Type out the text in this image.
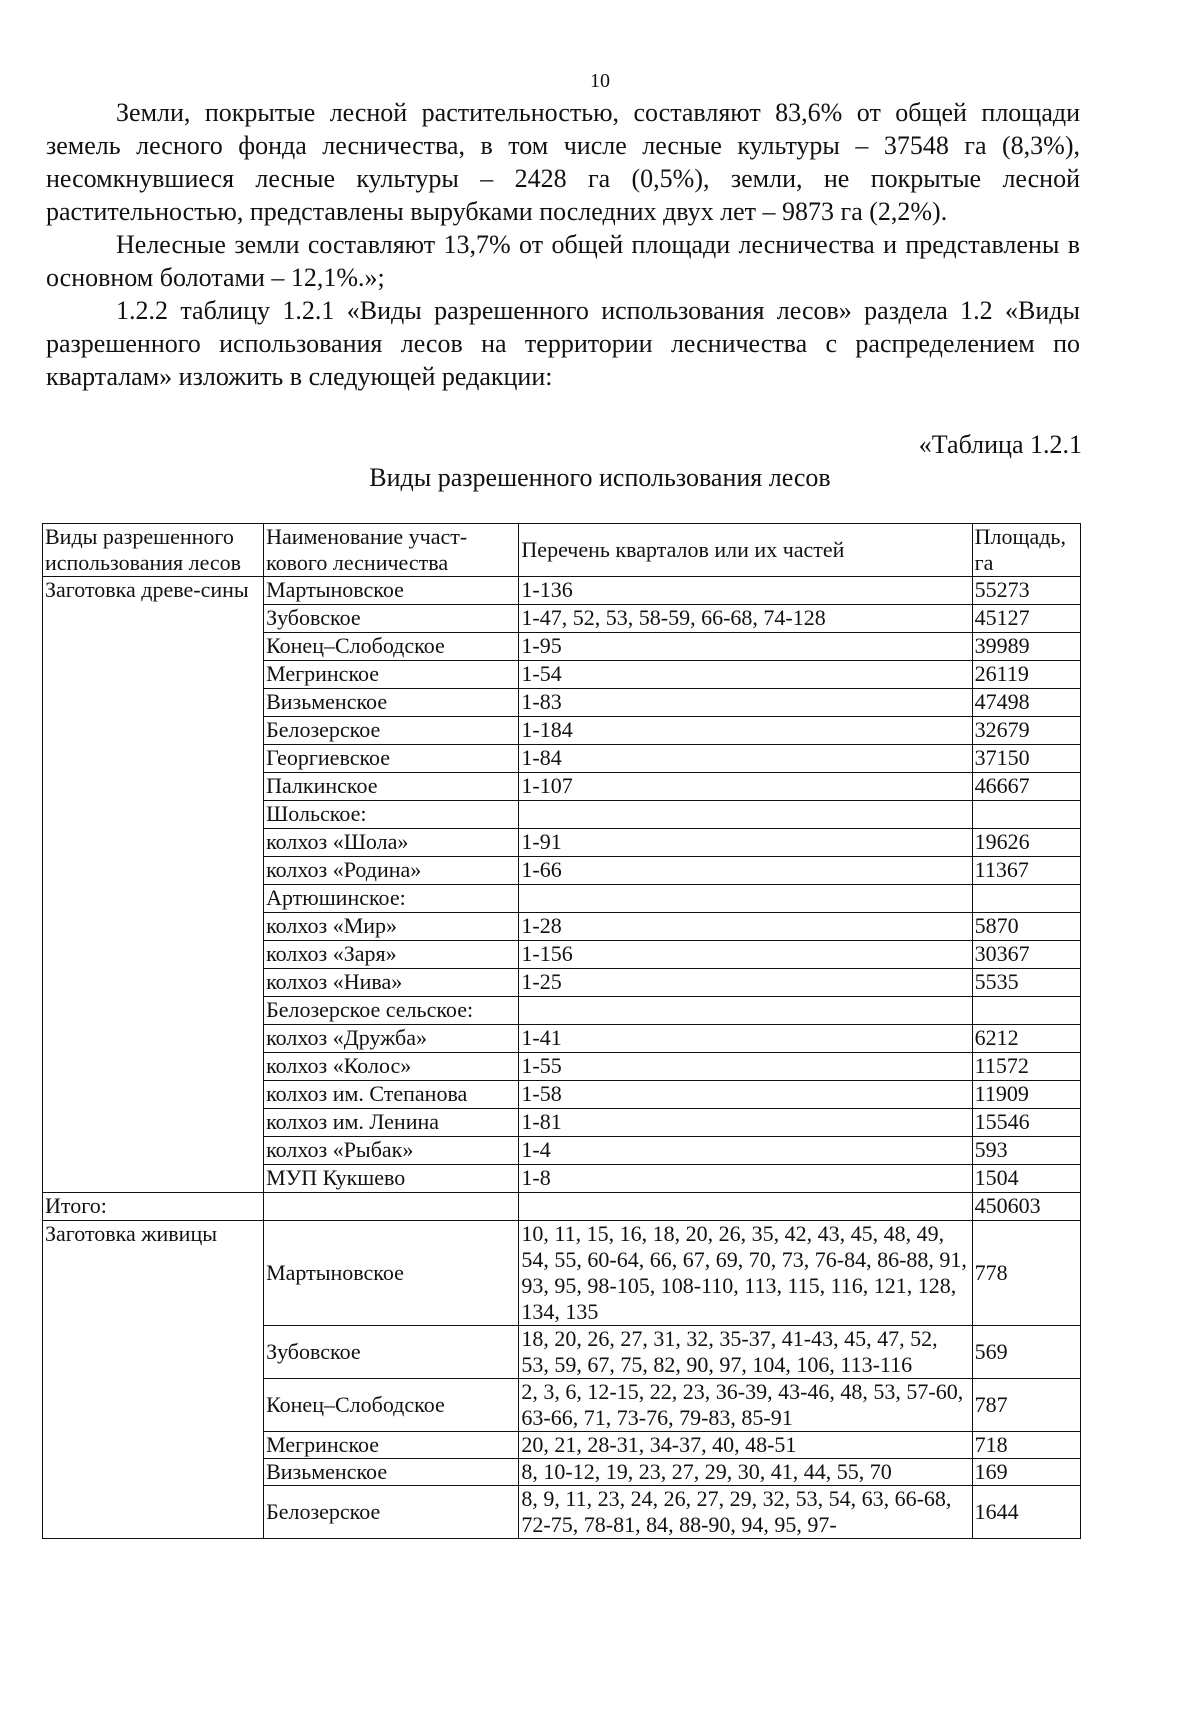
10

Земли, покрытые лесной растительностью, составляют 83,6% от общей площади земель лесного фонда лесничества, в том числе лесные культуры – 37548 га (8,3%), несомкнувшиеся лесные культуры – 2428 га (0,5%), земли, не покрытые лесной растительностью, представлены вырубками последних двух лет – 9873 га (2,2%).

Нелесные земли составляют 13,7% от общей площади лесничества и представлены в основном болотами – 12,1%.»;

1.2.2 таблицу 1.2.1 «Виды разрешенного использования лесов» раздела 1.2 «Виды разрешенного использования лесов на территории лесничества с распределением по кварталам» изложить в следующей редакции:

«Таблица 1.2.1
Виды разрешенного использования лесов
Виды разрешенного использования лесов	Наименование участ-кового лесничества	Перечень кварталов или их частей	Площадь, га
Заготовка древе-сины	Мартыновское	1-136	55273
	Зубовское	1-47, 52, 53, 58-59, 66-68, 74-128	45127
	Конец–Слободское	1-95	39989
	Мегринское	1-54	26119
	Визьменское	1-83	47498
	Белозерское	1-184	32679
	Георгиевское	1-84	37150
	Палкинское	1-107	46667
	Шольское:		
	колхоз «Шола»	1-91	19626
	колхоз «Родина»	1-66	11367
	Артюшинское:		
	колхоз «Мир»	1-28	5870
	колхоз «Заря»	1-156	30367
	колхоз «Нива»	1-25	5535
	Белозерское сельское:		
	колхоз «Дружба»	1-41	6212
	колхоз «Колос»	1-55	11572
	колхоз им. Степанова	1-58	11909
	колхоз им. Ленина	1-81	15546
	колхоз «Рыбак»	1-4	593
	МУП Кукшево	1-8	1504
Итого:			450603
Заготовка живицы	Мартыновское	10, 11, 15, 16, 18, 20, 26, 35, 42, 43, 45, 48, 49, 54, 55, 60-64, 66, 67, 69, 70, 73, 76-84, 86-88, 91, 93, 95, 98-105, 108-110, 113, 115, 116, 121, 128, 134, 135	778
	Зубовское	18, 20, 26, 27, 31, 32, 35-37, 41-43, 45, 47, 52, 53, 59, 67, 75, 82, 90, 97, 104, 106, 113-116	569
	Конец–Слободское	2, 3, 6, 12-15, 22, 23, 36-39, 43-46, 48, 53, 57-60, 63-66, 71, 73-76, 79-83, 85-91	787
	Мегринское	20, 21, 28-31, 34-37, 40, 48-51	718
	Визьменское	8, 10-12, 19, 23, 27, 29, 30, 41, 44, 55, 70	169
	Белозерское	8, 9, 11, 23, 24, 26, 27, 29, 32, 53, 54, 63, 66-68, 72-75, 78-81, 84, 88-90, 94, 95, 97-	1644
